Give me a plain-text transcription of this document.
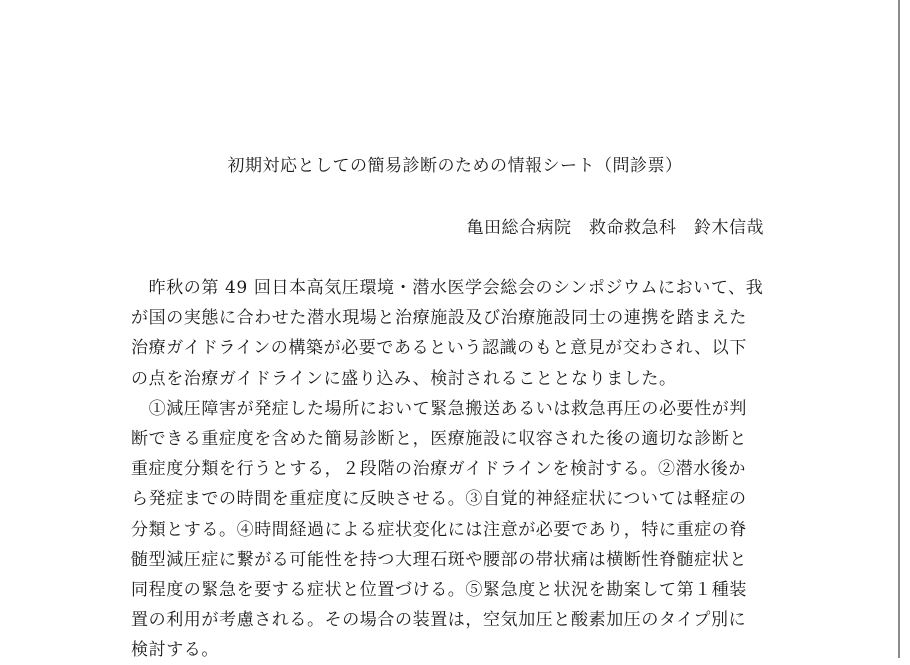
初期対応としての簡易診断のための情報シート（問診票）
亀田総合病院　救命救急科　鈴木信哉
　昨秋の第 49 回日本高気圧環境・潜水医学会総会のシンポジウムにおいて、我
が国の実態に合わせた潜水現場と治療施設及び治療施設同士の連携を踏まえた
治療ガイドラインの構築が必要であるという認識のもと意見が交わされ、以下
の点を治療ガイドラインに盛り込み、検討されることとなりました。
　①減圧障害が発症した場所において緊急搬送あるいは救急再圧の必要性が判
断できる重症度を含めた簡易診断と，医療施設に収容された後の適切な診断と
重症度分類を行うとする，２段階の治療ガイドラインを検討する。②潜水後か
ら発症までの時間を重症度に反映させる。③自覚的神経症状については軽症の
分類とする。④時間経過による症状変化には注意が必要であり，特に重症の脊
髄型減圧症に繋がる可能性を持つ大理石斑や腰部の帯状痛は横断性脊髄症状と
同程度の緊急を要する症状と位置づける。⑤緊急度と状況を勘案して第１種装
置の利用が考慮される。その場合の装置は，空気加圧と酸素加圧のタイプ別に
検討する。
